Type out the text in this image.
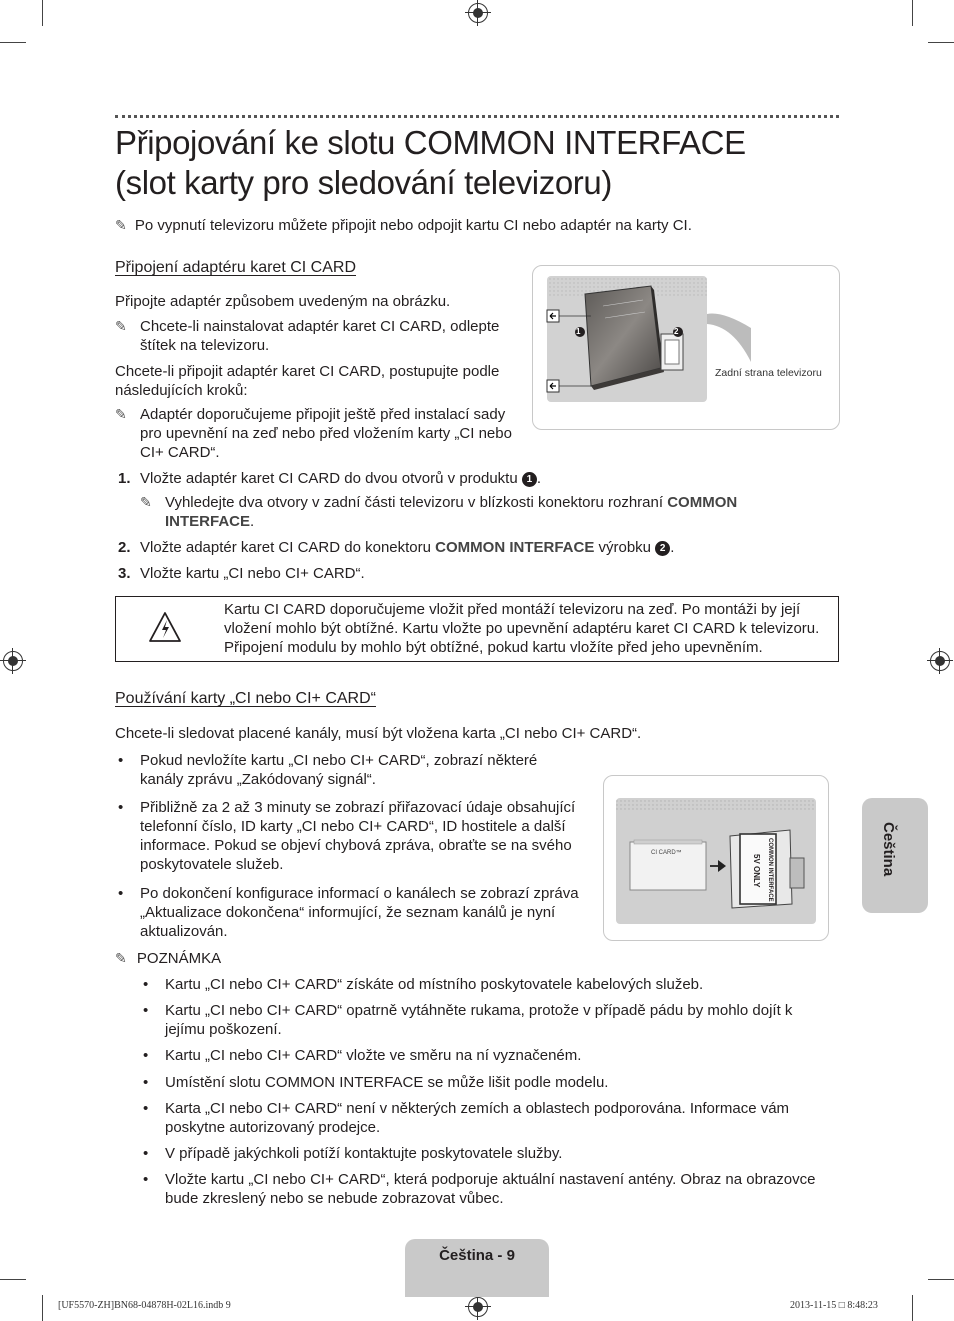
Připojování ke slotu COMMON INTERFACE
(slot karty pro sledování televizoru)
✎ Po vypnutí televizoru můžete připojit nebo odpojit kartu CI nebo adaptér na karty CI.
Připojení adaptéru karet CI CARD
Připojte adaptér způsobem uvedeným na obrázku.
✎ Chcete-li nainstalovat adaptér karet CI CARD, odlepte štítek na televizoru.
Chcete-li připojit adaptér karet CI CARD, postupujte podle následujících kroků:
✎ Adaptér doporučujeme připojit ještě před instalací sady pro upevnění na zeď nebo před vložením karty „CI nebo CI+ CARD“.
1	2
Zadní strana televizoru
1. Vložte adaptér karet CI CARD do dvou otvorů v produktu 1 .
✎ Vyhledejte dva otvory v zadní části televizoru v blízkosti konektoru rozhraní COMMON INTERFACE.
2. Vložte adaptér karet CI CARD do konektoru COMMON INTERFACE výrobku 2 .
3. Vložte kartu „CI nebo CI+ CARD“.
Kartu CI CARD doporučujeme vložit před montáží televizoru na zeď. Po montáži by její vložení mohlo být obtížné. Kartu vložte po upevnění adaptéru karet CI CARD k televizoru. Připojení modulu by mohlo být obtížné, pokud kartu vložíte před jeho upevněním.
Používání karty „CI nebo CI+ CARD“
Chcete-li sledovat placené kanály, musí být vložena karta „CI nebo CI+ CARD“.
• Pokud nevložíte kartu „CI nebo CI+ CARD“, zobrazí některé kanály zprávu „Zakódovaný signál“.
• Přibližně za 2 až 3 minuty se zobrazí přiřazovací údaje obsahující telefonní číslo, ID karty „CI nebo CI+ CARD“, ID hostitele a další informace. Pokud se objeví chybová zpráva, obraťte se na svého poskytovatele služeb.
• Po dokončení konfigurace informací o kanálech se zobrazí zpráva „Aktualizace dokončena“ informující, že seznam kanálů je nyní aktualizován.
CI CARD™	COMMON INTERFACE
5V ONLY
✎ POZNÁMKA
• Kartu „CI nebo CI+ CARD“ získáte od místního poskytovatele kabelových služeb.
• Kartu „CI nebo CI+ CARD“ opatrně vytáhněte rukama, protože v případě pádu by mohlo dojít k jejímu poškození.
• Kartu „CI nebo CI+ CARD“ vložte ve směru na ní vyznačeném.
• Umístění slotu COMMON INTERFACE se může lišit podle modelu.
• Karta „CI nebo CI+ CARD“ není v některých zemích a oblastech podporována. Informace vám poskytne autorizovaný prodejce.
• V případě jakýchkoli potíží kontaktujte poskytovatele služby.
• Vložte kartu „CI nebo CI+ CARD“, která podporuje aktuální nastavení antény. Obraz na obrazovce bude zkreslený nebo se nebude zobrazovat vůbec.
Čeština
Čeština - 9
[UF5570-ZH]BN68-04878H-02L16.indb 9	2013-11-15 □ 8:48:23
